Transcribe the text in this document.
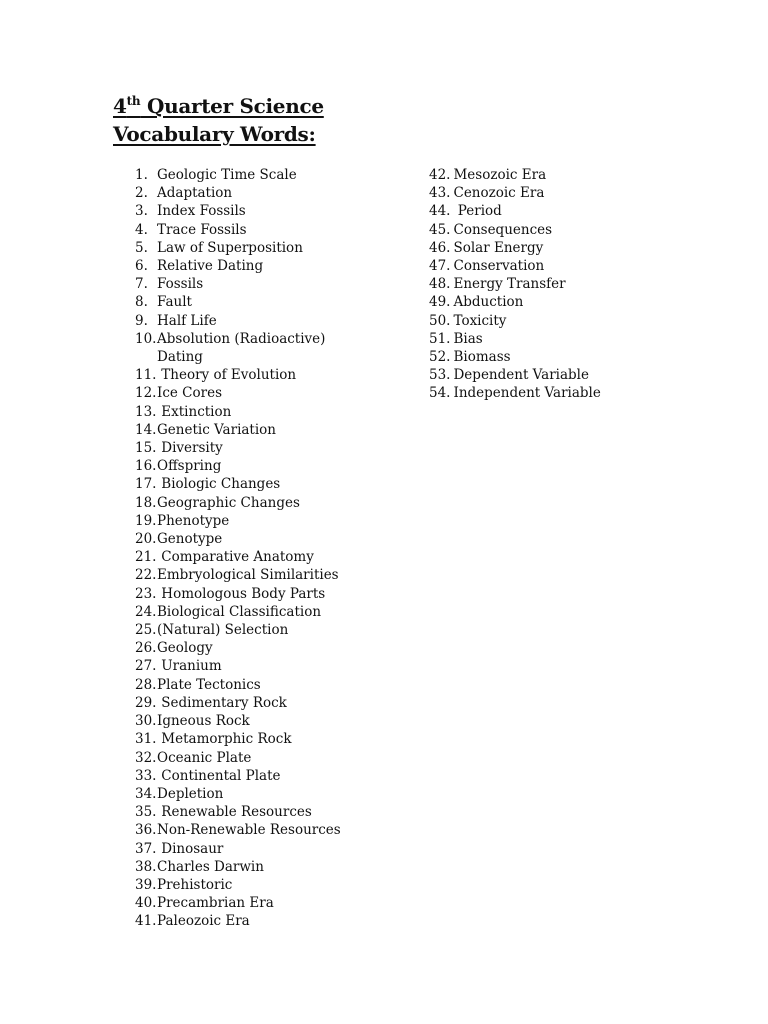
4th Quarter Science
Vocabulary Words:
1. Geologic Time Scale
2. Adaptation
3. Index Fossils
4. Trace Fossils
5. Law of Superposition
6. Relative Dating
7. Fossils
8. Fault
9. Half Life
10. Absolution (Radioactive)
Dating
11. Theory of Evolution
12. Ice Cores
13. Extinction
14. Genetic Variation
15. Diversity
16. Offspring
17. Biologic Changes
18. Geographic Changes
19. Phenotype
20. Genotype
21. Comparative Anatomy
22. Embryological Similarities
23. Homologous Body Parts
24. Biological Classification
25. (Natural) Selection
26. Geology
27. Uranium
28. Plate Tectonics
29. Sedimentary Rock
30. Igneous Rock
31. Metamorphic Rock
32. Oceanic Plate
33. Continental Plate
34. Depletion
35. Renewable Resources
36. Non-Renewable Resources
37. Dinosaur
38. Charles Darwin
39. Prehistoric
40. Precambrian Era
41. Paleozoic Era
42. Mesozoic Era
43. Cenozoic Era
44. Period
45. Consequences
46. Solar Energy
47. Conservation
48. Energy Transfer
49. Abduction
50. Toxicity
51. Bias
52. Biomass
53. Dependent Variable
54. Independent Variable
